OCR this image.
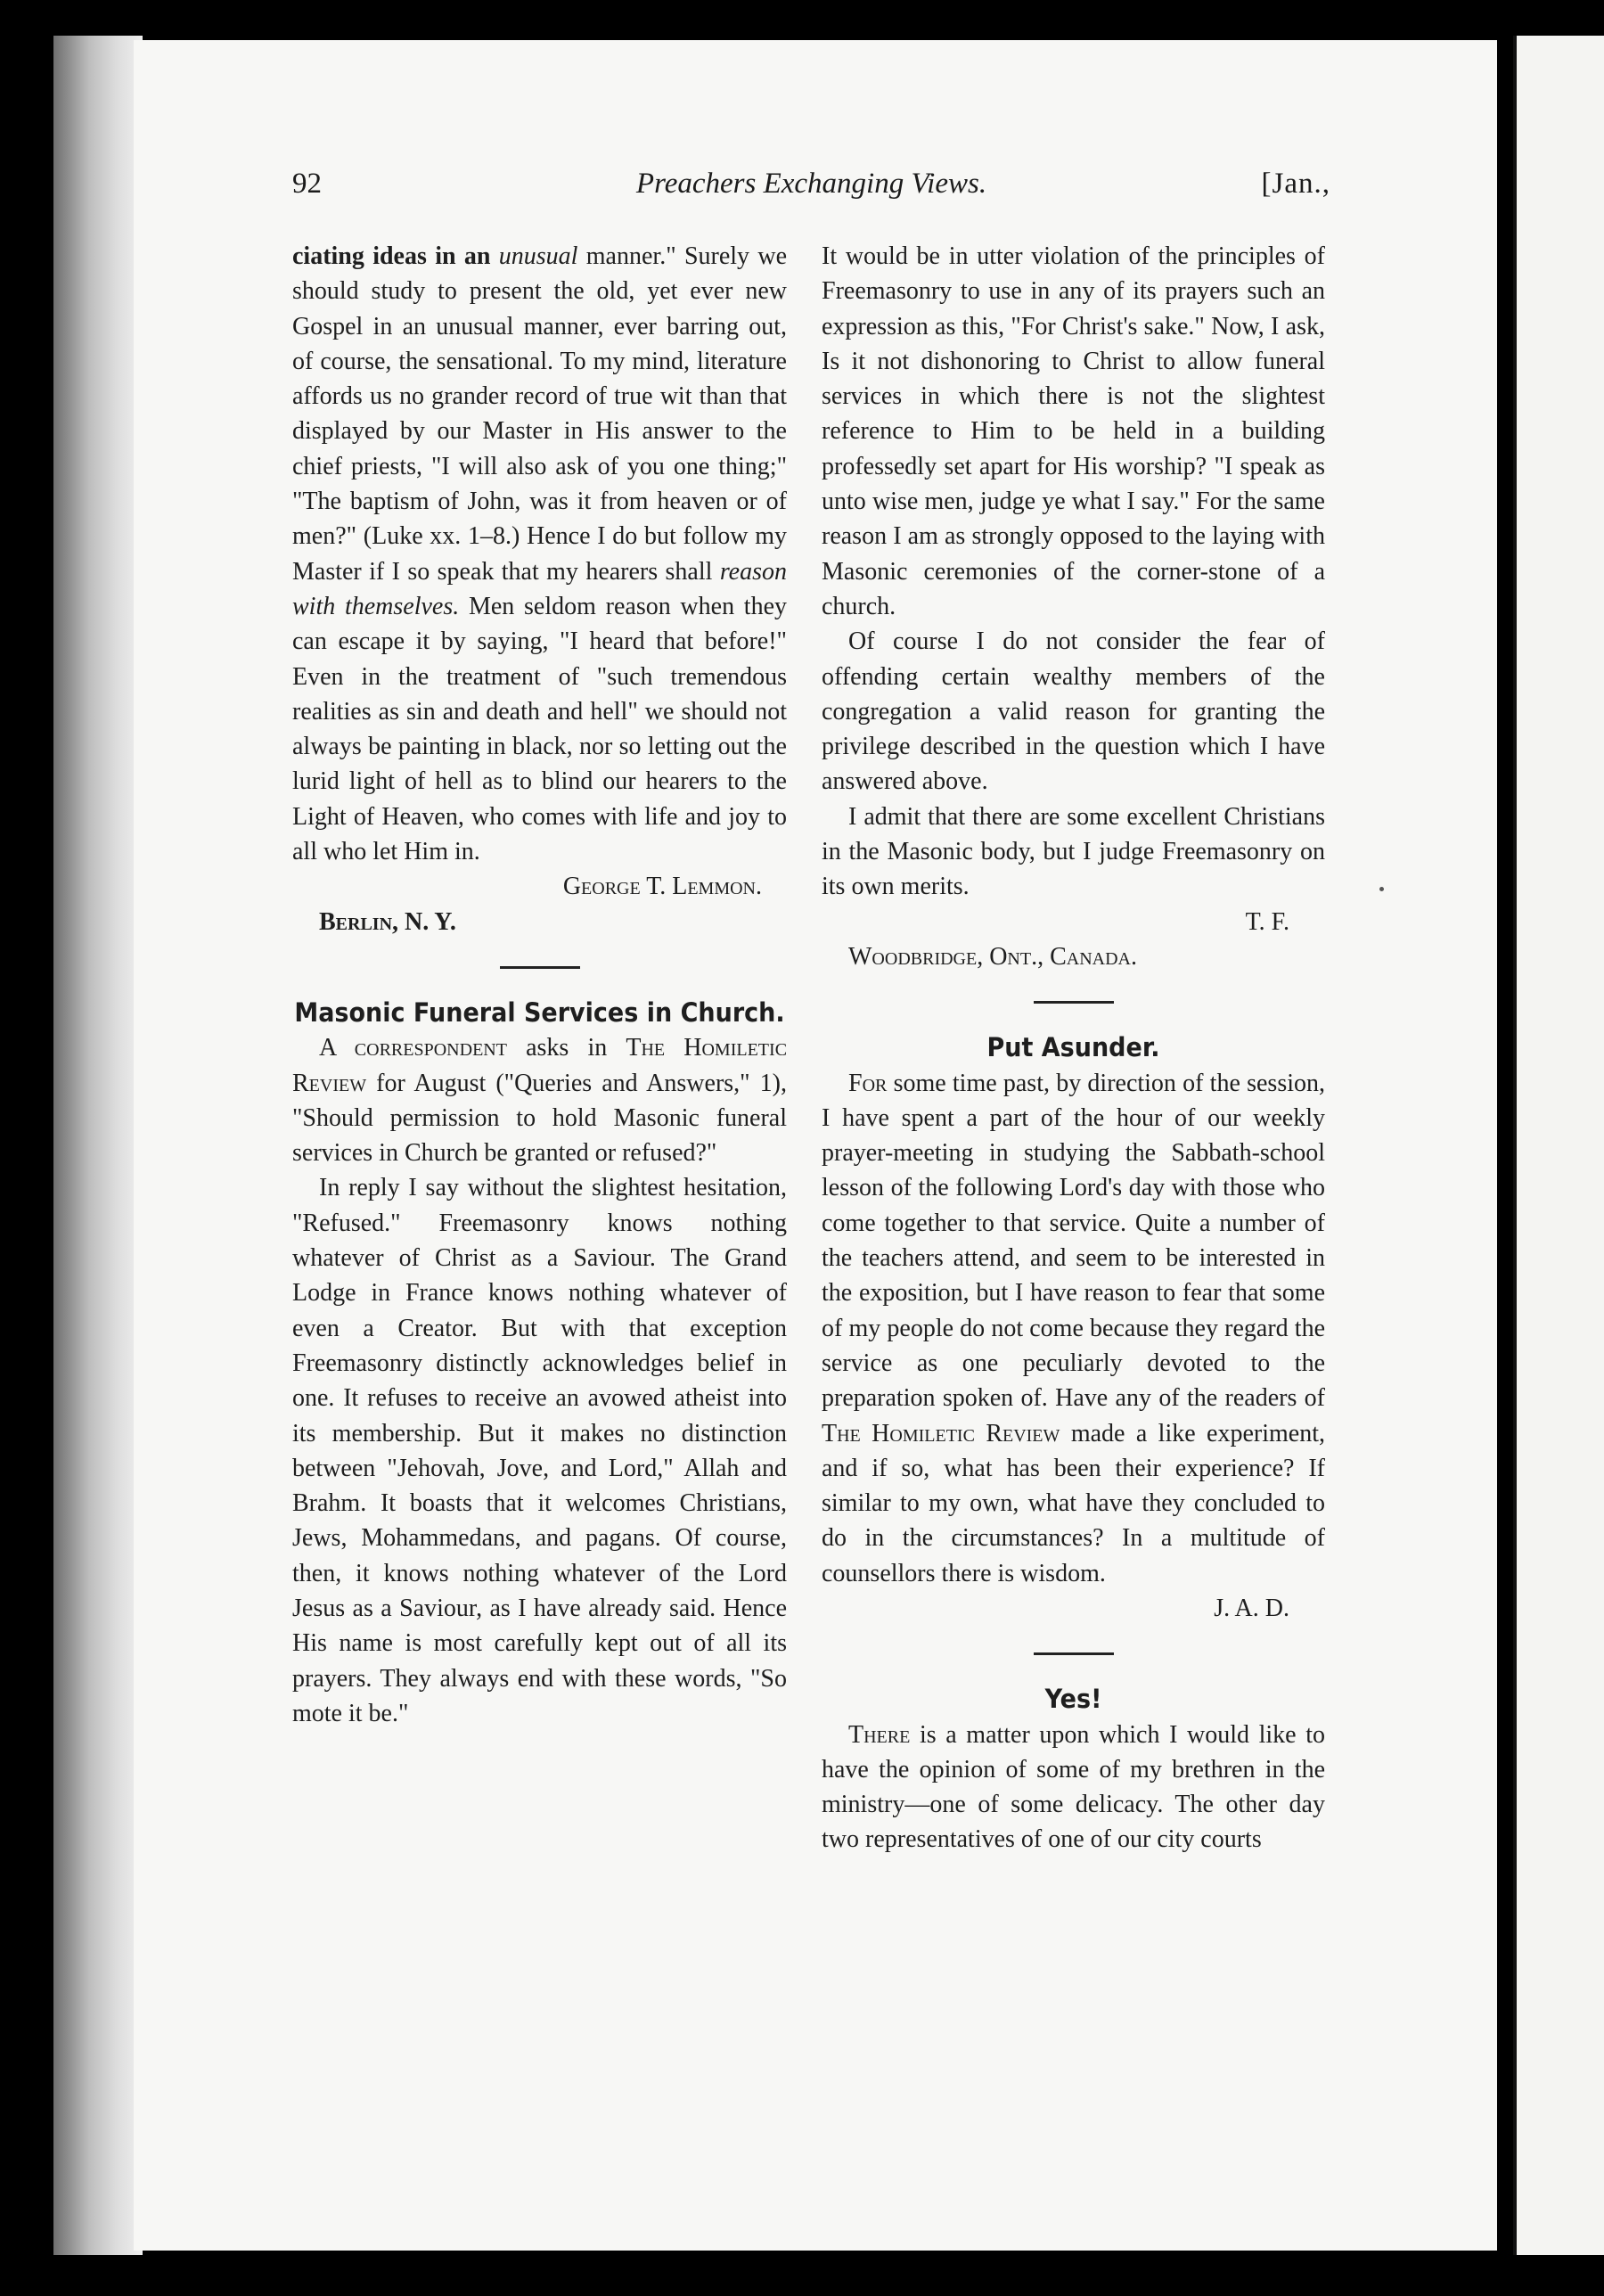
92	Preachers Exchanging Views.	[Jan.,

ciating ideas in an unusual manner." Surely we should study to present the old, yet ever new Gospel in an unusual manner, ever barring out, of course, the sensational. To my mind, literature affords us no grander record of true wit than that displayed by our Master in His answer to the chief priests, "I will also ask of you one thing;" "The baptism of John, was it from heaven or of men?" (Luke xx. 1–8.) Hence I do but follow my Master if I so speak that my hearers shall reason with themselves. Men seldom reason when they can escape it by saying, "I heard that before!" Even in the treatment of "such tremendous realities as sin and death and hell" we should not always be painting in black, nor so letting out the lurid light of hell as to blind our hearers to the Light of Heaven, who comes with life and joy to all who let Him in.

George T. Lemmon.

Berlin, N. Y.

Masonic Funeral Services in Church.

A correspondent asks in The Homiletic Review for August ("Queries and Answers," 1), "Should permission to hold Masonic funeral services in Church be granted or refused?"

In reply I say without the slightest hesitation, "Refused." Freemasonry knows nothing whatever of Christ as a Saviour. The Grand Lodge in France knows nothing whatever of even a Creator. But with that exception Freemasonry distinctly acknowledges belief in one. It refuses to receive an avowed atheist into its membership. But it makes no distinction between "Jehovah, Jove, and Lord," Allah and Brahm. It boasts that it welcomes Christians, Jews, Mohammedans, and pagans. Of course, then, it knows nothing whatever of the Lord Jesus as a Saviour, as I have already said. Hence His name is most carefully kept out of all its prayers. They always end with these words, "So mote it be."

It would be in utter violation of the principles of Freemasonry to use in any of its prayers such an expression as this, "For Christ's sake." Now, I ask, Is it not dishonoring to Christ to allow funeral services in which there is not the slightest reference to Him to be held in a building professedly set apart for His worship? "I speak as unto wise men, judge ye what I say." For the same reason I am as strongly opposed to the laying with Masonic ceremonies of the corner-stone of a church.

Of course I do not consider the fear of offending certain wealthy members of the congregation a valid reason for granting the privilege described in the question which I have answered above.

I admit that there are some excellent Christians in the Masonic body, but I judge Freemasonry on its own merits.

T. F.

Woodbridge, Ont., Canada.

Put Asunder.

For some time past, by direction of the session, I have spent a part of the hour of our weekly prayer-meeting in studying the Sabbath-school lesson of the following Lord's day with those who come together to that service. Quite a number of the teachers attend, and seem to be interested in the exposition, but I have reason to fear that some of my people do not come because they regard the service as one peculiarly devoted to the preparation spoken of. Have any of the readers of The Homiletic Review made a like experiment, and if so, what has been their experience? If similar to my own, what have they concluded to do in the circumstances? In a multitude of counsellors there is wisdom.

J. A. D.

Yes!

There is a matter upon which I would like to have the opinion of some of my brethren in the ministry—one of some delicacy. The other day two representatives of one of our city courts
